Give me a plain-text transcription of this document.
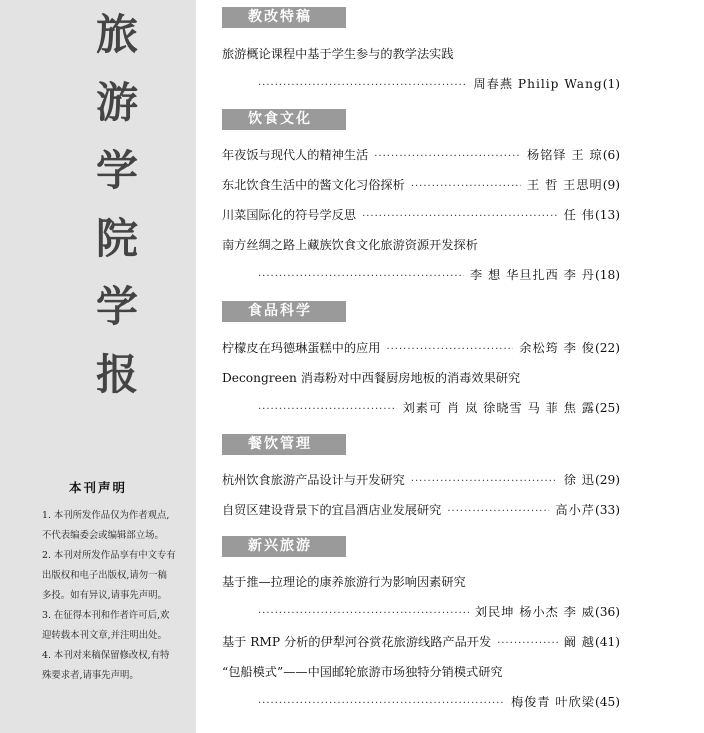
旅
游
学
院
学
报
本刊声明
1. 本刊所发作品仅为作者观点,
不代表编委会或编辑部立场。
2. 本刊对所发作品享有中文专有
出版权和电子出版权,请勿一稿
多投。如有异议,请事先声明。
3. 在征得本刊和作者许可后,欢
迎转载本刊文章,并注明出处。
4. 本刊对来稿保留修改权,有特
殊要求者,请事先声明。
教改特稿
旅游概论课程中基于学生参与的教学法实践
·····
周春燕 Philip Wang (1)
饮食文化
年夜饭与现代人的精神生活 ·····	杨铭铎 王 琼 (6)
东北饮食生活中的酱文化习俗探析 ·····	王 哲 王思明 (9)
川菜国际化的符号学反思 ·····	任 伟 (13)
南方丝绸之路上藏族饮食文化旅游资源开发探析
·····
李 想 华旦扎西 李 丹 (18)
食品科学
柠檬皮在玛德琳蛋糕中的应用 ·····	余松筠 李 俊 (22)
Decongreen 消毒粉对中西餐厨房地板的消毒效果研究
·····
刘素可 肖 岚 徐晓雪 马 菲 焦 露 (25)
餐饮管理
杭州饮食旅游产品设计与开发研究 ·····	徐 迅 (29)
自贸区建设背景下的宜昌酒店业发展研究 ·····	高小芹 (33)
新兴旅游
基于推—拉理论的康养旅游行为影响因素研究
·····
刘民坤 杨小杰 李 威 (36)
基于 RMP 分析的伊犁河谷赏花旅游线路产品开发 ·····	阚 越 (41)
“包船模式”——中国邮轮旅游市场独特分销模式研究
·····
梅俊青 叶欣梁 (45)
